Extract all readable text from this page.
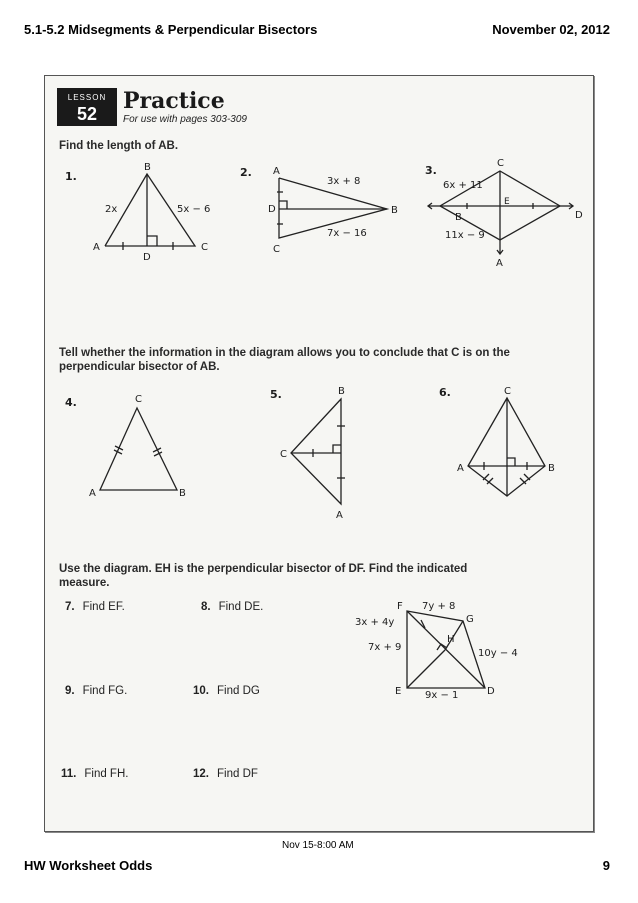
5.1-5.2 Midsegments & Perpendicular Bisectors	November 02, 2012
LESSON
52	Practice
For use with pages 303-309
Find the length of AB.
1.
B
2x	5x − 6
A
D
C
2. A
3x + 8
D	B
7x − 16
C
3.
C
6x + 11
E
B	D
11x − 9
A
4.	C
A	B
5.	B
C
A
6.	C
A	B
F 7y + 8
G
3x + 4y
H
7x + 9
10y − 4
E 9x − 1	D
Tell whether the information in the diagram allows you to conclude that C is on the perpendicular bisector of AB.
Use the diagram. EH is the perpendicular bisector of DF. Find the indicated measure.
7. Find EF.	8. Find DE.
9. Find FG.	10. Find DG
11. Find FH.	12. Find DF
Nov 15-8:00 AM
HW Worksheet Odds	9
